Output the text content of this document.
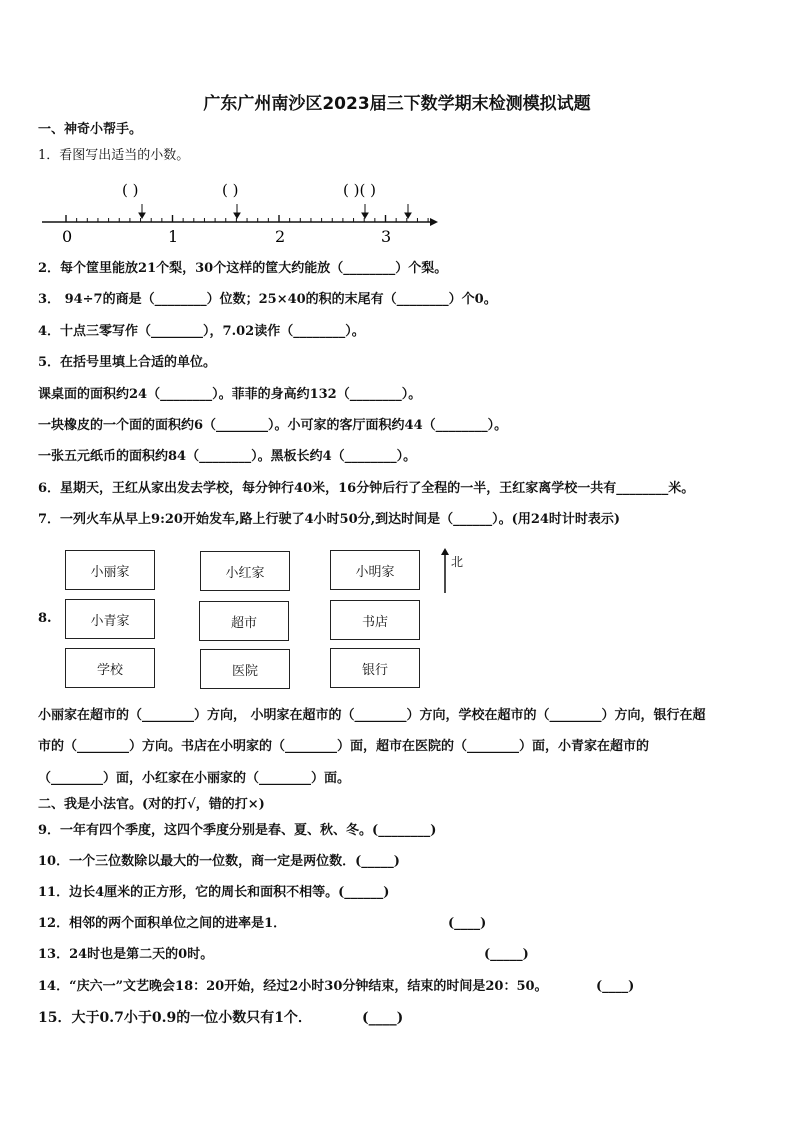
广东广州南沙区2023届三下数学期末检测模拟试题
一、神奇小帮手。
1．看图写出适当的小数。
( )	( )	( )( )
0	1	2	3
2．每个筐里能放21个梨，30个这样的筐大约能放（________）个梨。
3． 94÷7的商是（________）位数；25×40的积的末尾有（________）个0。
4．十点三零写作（________），7.02读作（________）。
5．在括号里填上合适的单位。
课桌面的面积约24（________）。菲菲的身高约132（________）。
一块橡皮的一个面的面积约6（________）。小可家的客厅面积约44（________）。
一张五元纸币的面积约84（________）。黑板长约4（________）。
6．星期天，王红从家出发去学校，每分钟行40米，16分钟后行了全程的一半，王红家离学校一共有________米。
7．一列火车从早上9:20开始发车,路上行驶了4小时50分,到达时间是（______）。(用24时计时表示)
8.
小丽家	小红家	小明家
小青家	超市	书店
学校	医院	银行
北
小丽家在超市的（________）方向， 小明家在超市的（________）方向，学校在超市的（________）方向，银行在超
市的（________）方向。书店在小明家的（________）面，超市在医院的（________）面，小青家在超市的
（________）面，小红家在小丽家的（________）面。
二、我是小法官。(对的打√，错的打×)
9．一年有四个季度，这四个季度分别是春、夏、秋、冬。(________)
10．一个三位数除以最大的一位数，商一定是两位数．(_____)
11．边长4厘米的正方形，它的周长和面积不相等。(______)
12．相邻的两个面积单位之间的进率是1．	(____)
13．24时也是第二天的0时。	(_____)
14．“庆六一”文艺晚会18：20开始，经过2小时30分钟结束，结束的时间是20：50。	(____)
15．大于0.7小于0.9的一位小数只有1个．	(____)
